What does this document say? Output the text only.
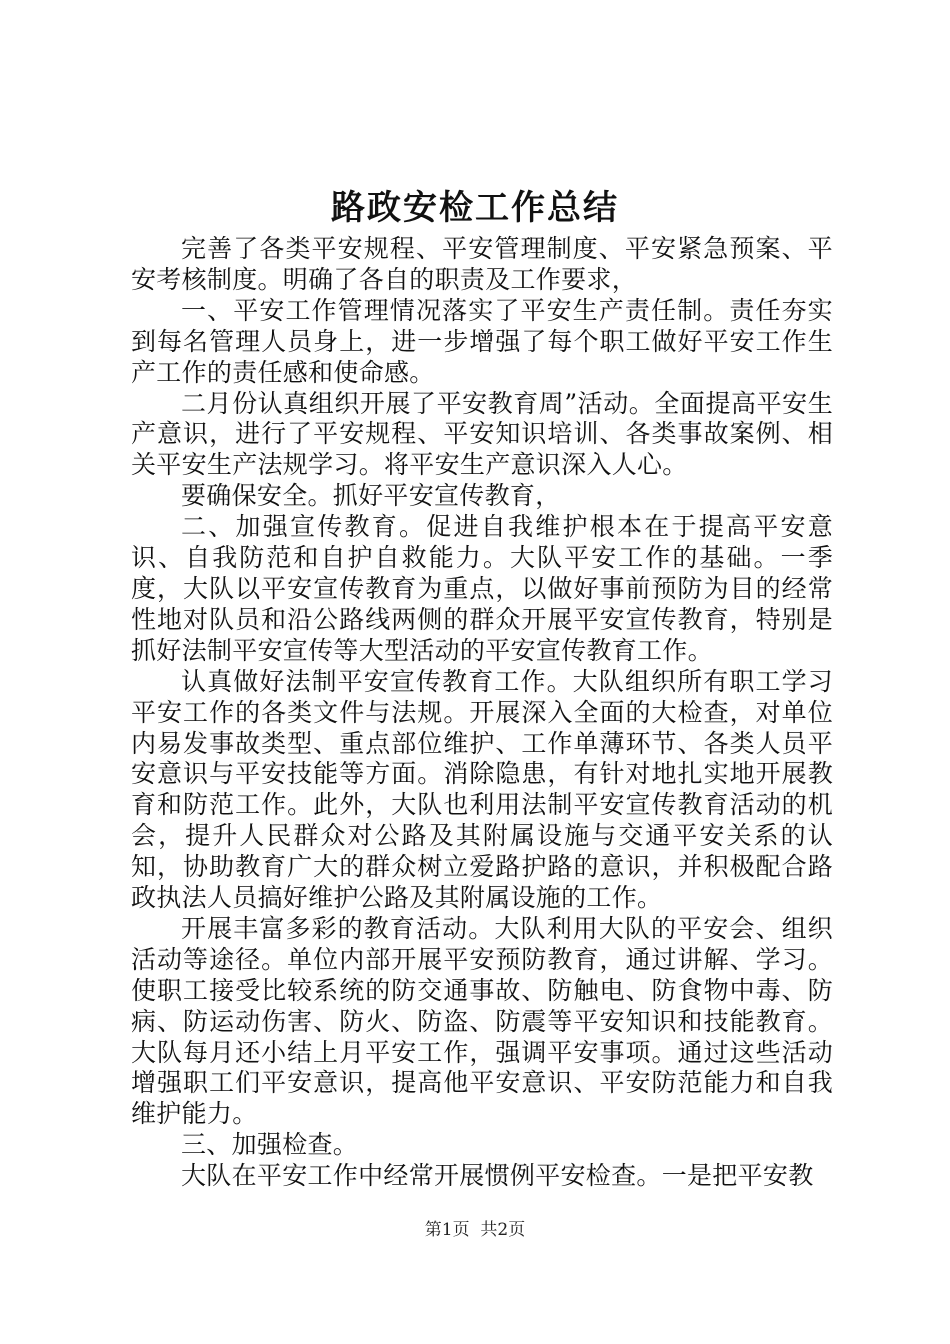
路政安检工作总结

完善了各类平安规程、平安管理制度、平安紧急预案、平安考核制度。明确了各自的职责及工作要求，

一、平安工作管理情况落实了平安生产责任制。责任夯实到每名管理人员身上，进一步增强了每个职工做好平安工作生产工作的责任感和使命感。

二月份认真组织开展了平安教育周”活动。全面提高平安生产意识，进行了平安规程、平安知识培训、各类事故案例、相关平安生产法规学习。将平安生产意识深入人心。

要确保安全。抓好平安宣传教育，

二、加强宣传教育。促进自我维护根本在于提高平安意识、自我防范和自护自救能力。大队平安工作的基础。一季度，大队以平安宣传教育为重点，以做好事前预防为目的经常性地对队员和沿公路线两侧的群众开展平安宣传教育，特别是抓好法制平安宣传等大型活动的平安宣传教育工作。

认真做好法制平安宣传教育工作。大队组织所有职工学习平安工作的各类文件与法规。开展深入全面的大检查，对单位内易发事故类型、重点部位维护、工作单薄环节、各类人员平安意识与平安技能等方面。消除隐患，有针对地扎实地开展教育和防范工作。此外，大队也利用法制平安宣传教育活动的机会，提升人民群众对公路及其附属设施与交通平安关系的认知，协助教育广大的群众树立爱路护路的意识，并积极配合路政执法人员搞好维护公路及其附属设施的工作。

开展丰富多彩的教育活动。大队利用大队的平安会、组织活动等途径。单位内部开展平安预防教育，通过讲解、学习。使职工接受比较系统的防交通事故、防触电、防食物中毒、防病、防运动伤害、防火、防盗、防震等平安知识和技能教育。大队每月还小结上月平安工作，强调平安事项。通过这些活动增强职工们平安意识，提高他平安意识、平安防范能力和自我维护能力。

三、加强检查。

大队在平安工作中经常开展惯例平安检查。一是把平安教

第1页 共2页
